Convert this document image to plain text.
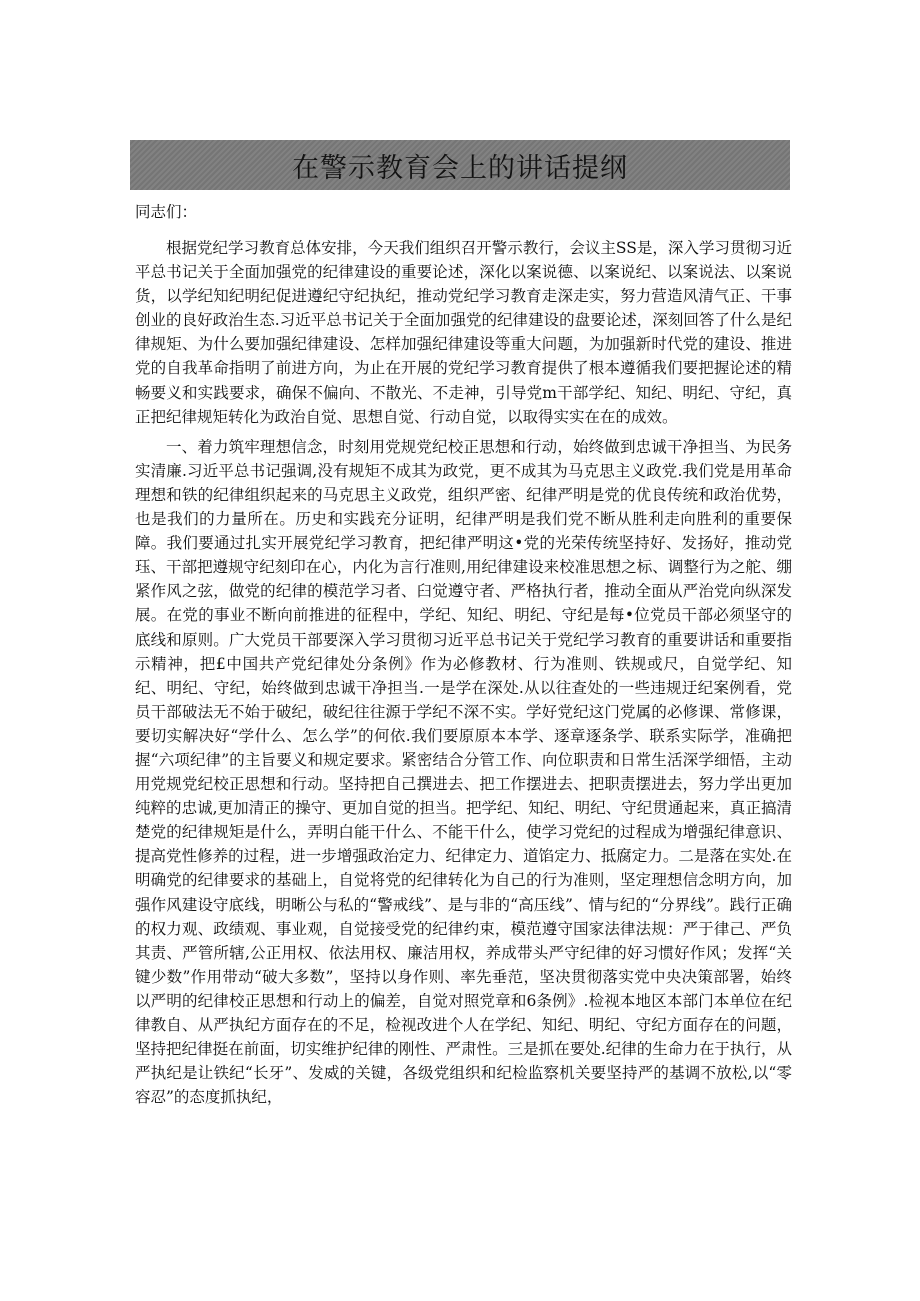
在警示教育会上的讲话提纲

同志们：

根据党纪学习教育总体安排，今天我们组织召开警示教行，会议主SS是，深入学习贯彻习近平总书记关于全面加强党的纪律建设的重要论述，深化以案说德、以案说纪、以案说法、以案说货，以学纪知纪明纪促进遵纪守纪执纪，推动党纪学习教育走深走实，努力营造风清气正、干事创业的良好政治生态.习近平总书记关于全面加强党的纪律建设的盘要论述，深刻回答了什么是纪律规矩、为什么要加强纪律建设、怎样加强纪律建设等重大问题，为加强新时代党的建设、推进党的自我革命指明了前进方向，为止在开展的党纪学习教育提供了根本遵循我们要把握论述的精畅要义和实践要求，确保不偏向、不散光、不走神，引导党m干部学纪、知纪、明纪、守纪，真正把纪律规矩转化为政治自觉、思想自觉、行动自觉，以取得实实在在的成效。

一、着力筑牢理想信念，时刻用党规党纪校正思想和行动，始终做到忠诚干净担当、为民务实清廉.习近平总书记强调,没有规矩不成其为政党，更不成其为马克思主义政党.我们党是用革命理想和铁的纪律组织起来的马克思主义政党，组织严密、纪律严明是党的优良传统和政治优势，也是我们的力量所在。历史和实践充分证明，纪律严明是我们党不断从胜利走向胜利的重要保障。我们要通过扎实开展党纪学习教育，把纪律严明这•党的光荣传统坚持好、发扬好，推动党珏、干部把遵规守纪刻印在心，内化为言行准则,用纪律建设来校准思想之标、调整行为之舵、绷紧作风之弦，做党的纪律的模范学习者、臼觉遵守者、严格执行者，推动全面从严治党向纵深发展。在党的事业不断向前推进的征程中，学纪、知纪、明纪、守纪是每•位党员干部必须坚守的底线和原则。广大党员干部要深入学习贯彻习近平总书记关于党纪学习教育的重要讲话和重要指示精神，把£中国共产党纪律处分条例》作为必修教材、行为准则、铁规或尺，自觉学纪、知纪、明纪、守纪，始终做到忠诚干净担当.一是学在深处.从以往查处的一些违规迂纪案例看，党员干部破法无不始于破纪，破纪往往源于学纪不深不实。学好党纪这门党属的必修课、常修课，要切实解决好“学什么、怎么学”的何依.我们要原原本本学、逐章逐条学、联系实际学，准确把握“六项纪律”的主旨要义和规定要求。紧密结合分管工作、向位职责和日常生活深学细悟，主动用党规党纪校正思想和行动。坚持把自己撰进去、把工作摆进去、把职责摆进去，努力学出更加纯粹的忠诚,更加清正的操守、更加自觉的担当。把学纪、知纪、明纪、守纪贯通起来，真正搞清楚党的纪律规矩是什么，弄明白能干什么、不能干什么，使学习党纪的过程成为增强纪律意识、提高党性修养的过程，进一步增强政治定力、纪律定力、道馅定力、抵腐定力。二是落在实处.在明确党的纪律要求的基础上，自觉将党的纪律转化为自己的行为准则，坚定理想信念明方向，加强作风建设守底线，明晰公与私的“警戒线”、是与非的“高压线”、情与纪的“分界线”。践行正确的权力观、政绩观、事业观，自觉接受党的纪律约束，模范遵守国家法律法规：严于律己、严负其责、严管所辖,公正用权、依法用权、廉洁用权，养成带头严守纪律的好习惯好作风；发挥“关键少数”作用带动“破大多数”，坚持以身作则、率先垂范，坚决贯彻落实党中央决策部署，始终以严明的纪律校正思想和行动上的偏差，自觉对照党章和6条例》.检视本地区本部门本单位在纪律教自、从严执纪方面存在的不足，检视改进个人在学纪、知纪、明纪、守纪方面存在的问题，坚持把纪律挺在前面，切实维护纪律的刚性、严肃性。三是抓在要处.纪律的生命力在于执行，从严执纪是让铁纪“长牙”、发威的关键，各级党组织和纪检监察机关要坚持严的基调不放松,以“零容忍”的态度抓执纪，
